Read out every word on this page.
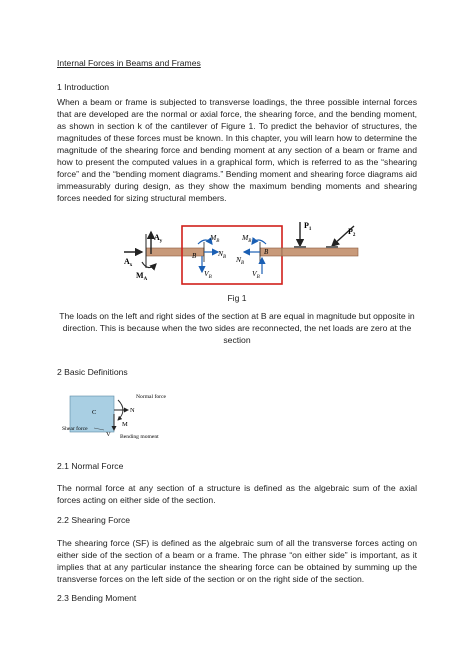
Internal Forces in Beams and Frames

1 Introduction

When a beam or frame is subjected to transverse loadings, the three possible internal forces that are developed are the normal or axial force, the shearing force, and the bending moment, as shown in section k of the cantilever of Figure 1. To predict the behavior of structures, the magnitudes of these forces must be known. In this chapter, you will learn how to determine the magnitude of the shearing force and bending moment at any section of a beam or frame and how to present the computed values in a graphical form, which is referred to as the “shearing force” and the “bending moment diagrams.” Bending moment and shearing force diagrams aid immeasurably during design, as they show the maximum bending moments and shearing forces needed for sizing structural members.

$A_y$
$A_x$
$M_A$
$M_B$
$N_B$
B
$V_B$
$M_B$
$N_B$
B
$V_B$
$P_1$	$P_2$

Fig 1

The loads on the left and right sides of the section at B are equal in magnitude but opposite in direction. This is because when the two sides are reconnected, the net loads are zero at the section

2 Basic Definitions

C	N
M
V
Normal force
Shear force
Bending moment

2.1 Normal Force

The normal force at any section of a structure is defined as the algebraic sum of the axial forces acting on either side of the section.

2.2 Shearing Force

The shearing force (SF) is defined as the algebraic sum of all the transverse forces acting on either side of the section of a beam or a frame. The phrase “on either side” is important, as it implies that at any particular instance the shearing force can be obtained by summing up the transverse forces on the left side of the section or on the right side of the section.

2.3 Bending Moment
